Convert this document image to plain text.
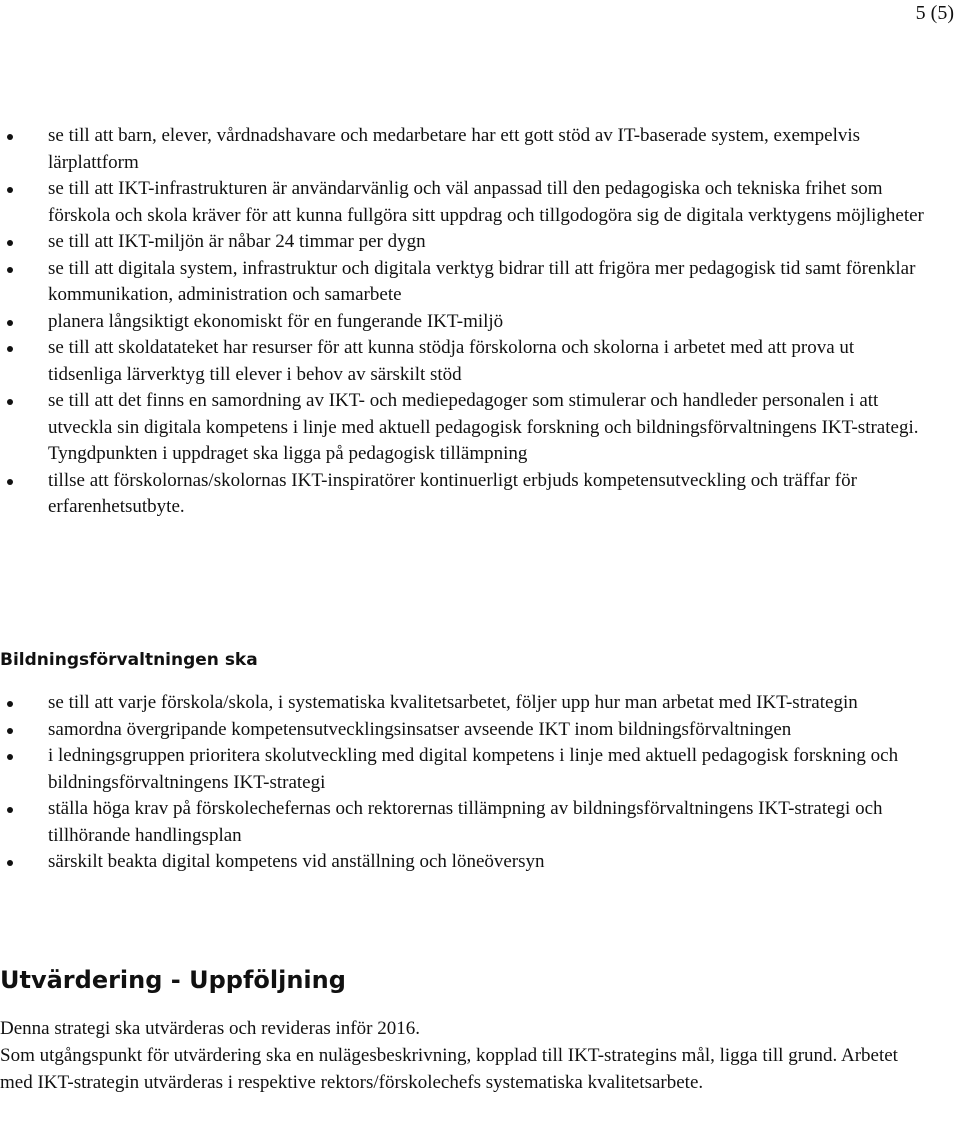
5 (5)
se till att barn, elever, vårdnadshavare och medarbetare har ett gott stöd av IT-baserade system, exempelvis lärplattform
se till att IKT-infrastrukturen är användarvänlig och väl anpassad till den pedagogiska och tekniska frihet som förskola och skola kräver för att kunna fullgöra sitt uppdrag och tillgodogöra sig de digitala verktygens möjligheter
se till att IKT-miljön är nåbar 24 timmar per dygn
se till att digitala system, infrastruktur och digitala verktyg bidrar till att frigöra mer pedagogisk tid samt förenklar kommunikation, administration och samarbete
planera långsiktigt ekonomiskt för en fungerande IKT-miljö
se till att skoldatateket har resurser för att kunna stödja förskolorna och skolorna i arbetet med att prova ut tidsenliga lärverktyg till elever i behov av särskilt stöd
se till att det finns en samordning av IKT- och mediepedagoger som stimulerar och handleder personalen i att utveckla sin digitala kompetens i linje med aktuell pedagogisk forskning och bildningsförvaltningens IKT-strategi. Tyngdpunkten i uppdraget ska ligga på pedagogisk tillämpning
tillse att förskolornas/skolornas IKT-inspiratörer kontinuerligt erbjuds kompetensutveckling och träffar för erfarenhetsutbyte.
Bildningsförvaltningen ska
se till att varje förskola/skola, i systematiska kvalitetsarbetet, följer upp hur man arbetat med IKT-strategin
samordna övergripande kompetensutvecklingsinsatser avseende IKT inom bildningsförvaltningen
i ledningsgruppen prioritera skolutveckling med digital kompetens i linje med aktuell pedagogisk forskning och bildningsförvaltningens IKT-strategi
ställa höga krav på förskolechefernas och rektorernas tillämpning av bildningsförvaltningens IKT-strategi och tillhörande handlingsplan
särskilt beakta digital kompetens vid anställning och löneöversyn
Utvärdering - Uppföljning

Denna strategi ska utvärderas och revideras inför 2016.

Som utgångspunkt för utvärdering ska en nulägesbeskrivning, kopplad till IKT-strategins mål, ligga till grund. Arbetet med IKT-strategin utvärderas i respektive rektors/förskolechefs systematiska kvalitetsarbete.
